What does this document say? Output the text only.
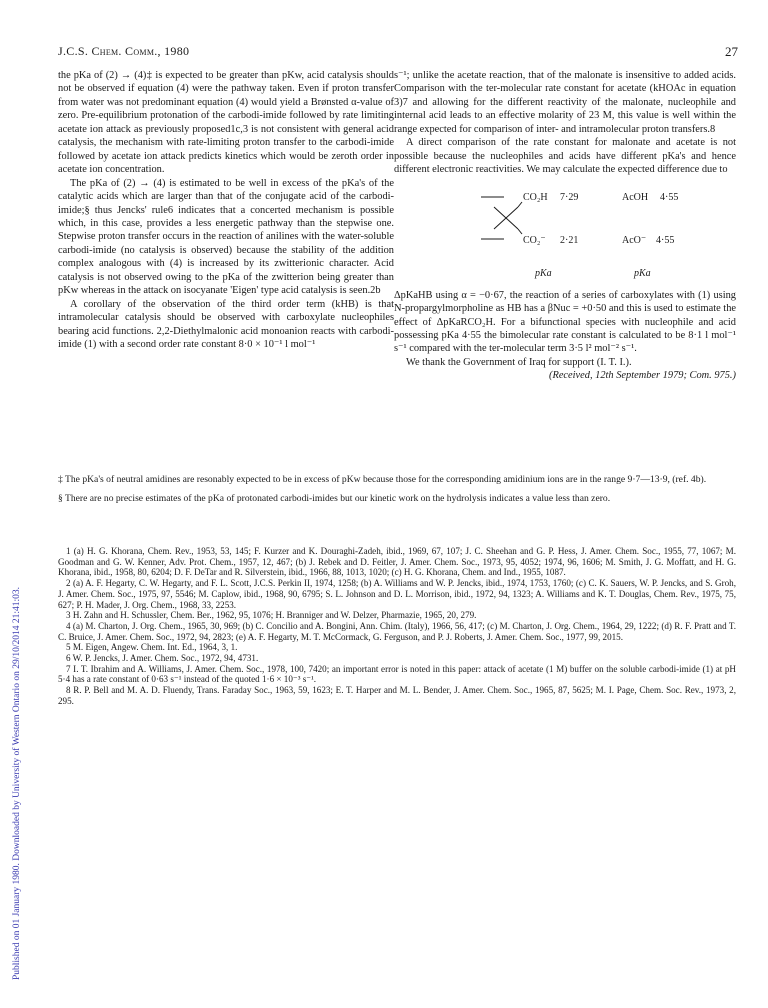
Published on 01 January 1980. Downloaded by University of Western Ontario on 29/10/2014 21:41:03.
J.C.S. Chem. Comm., 1980	27

the pKa of (2) → (4)‡ is expected to be greater than pKw, acid catalysis should not be observed if equation (4) were the pathway taken. Even if proton transfer from water was not predominant equation (4) would yield a Brønsted α-value of zero. Pre-equilibrium protonation of the carbodi-imide followed by rate limiting acetate ion attack as previously proposed1c,3 is not consistent with general acid catalysis, the mechanism with rate-limiting proton transfer to the carbodi-imide followed by acetate ion attack predicts kinetics which would be zeroth order in acetate ion concentration.

The pKa of (2) → (4) is estimated to be well in excess of the pKa's of the catalytic acids which are larger than that of the conjugate acid of the carbodi-imide;§ thus Jencks' rule6 indicates that a concerted mechanism is possible which, in this case, provides a less energetic pathway than the stepwise one. Stepwise proton transfer occurs in the reaction of anilines with the water-soluble carbodi-imide (no catalysis is observed) because the stability of the addition complex analogous with (4) is increased by its zwitterionic character. Acid catalysis is not observed owing to the pKa of the zwitterion being greater than pKw whereas in the attack on isocyanate 'Eigen' type acid catalysis is seen.2b

A corollary of the observation of the third order term (kHB) is that intramolecular catalysis should be observed with carboxylate nucleophiles bearing acid functions. 2,2-Diethylmalonic acid monoanion reacts with carbodi-imide (1) with a second order rate constant 8·0 × 10⁻¹ l mol⁻¹

s⁻¹; unlike the acetate reaction, that of the malonate is insensitive to added acids. Comparison with the ter-molecular rate constant for acetate (kHOAc in equation 3)7 and allowing for the different reactivity of the malonate, nucleophile and internal acid leads to an effective molarity of 23 M, this value is well within the range expected for comparison of inter- and intramolecular proton transfers.8

A direct comparison of the rate constant for malonate and acetate is not possible because the nucleophiles and acids have different pKa's and hence different electronic reactivities. We may calculate the expected difference due to

CO₂H 7·29
CO₂⁻ 2·21
AcOH 4·55
AcO⁻ 4·55
pKa	pKa

ΔpKaHB using α = −0·67, the reaction of a series of carboxylates with (1) using N-propargylmorpholine as HB has a βNuc = +0·50 and this is used to estimate the effect of ΔpKaRCO₂H. For a bifunctional species with nucleophile and acid possessing pKa 4·55 the bimolecular rate constant is calculated to be 8·1 l mol⁻¹ s⁻¹ compared with the ter-molecular term 3·5 l² mol⁻² s⁻¹.

We thank the Government of Iraq for support (I. T. I.).

(Received, 12th September 1979; Com. 975.)

‡ The pKa's of neutral amidines are resonably expected to be in excess of pKw because those for the corresponding amidinium ions are in the range 9·7—13·9, (ref. 4b).

§ There are no precise estimates of the pKa of protonated carbodi-imides but our kinetic work on the hydrolysis indicates a value less than zero.

1 (a) H. G. Khorana, Chem. Rev., 1953, 53, 145; F. Kurzer and K. Douraghi-Zadeh, ibid., 1969, 67, 107; J. C. Sheehan and G. P. Hess, J. Amer. Chem. Soc., 1955, 77, 1067; M. Goodman and G. W. Kenner, Adv. Prot. Chem., 1957, 12, 467; (b) J. Rebek and D. Feitler, J. Amer. Chem. Soc., 1973, 95, 4052; 1974, 96, 1606; M. Smith, J. G. Moffatt, and H. G. Khorana, ibid., 1958, 80, 6204; D. F. DeTar and R. Silverstein, ibid., 1966, 88, 1013, 1020; (c) H. G. Khorana, Chem. and Ind., 1955, 1087.

2 (a) A. F. Hegarty, C. W. Hegarty, and F. L. Scott, J.C.S. Perkin II, 1974, 1258; (b) A. Williams and W. P. Jencks, ibid., 1974, 1753, 1760; (c) C. K. Sauers, W. P. Jencks, and S. Groh, J. Amer. Chem. Soc., 1975, 97, 5546; M. Caplow, ibid., 1968, 90, 6795; S. L. Johnson and D. L. Morrison, ibid., 1972, 94, 1323; A. Williams and K. T. Douglas, Chem. Rev., 1975, 75, 627; P. H. Mader, J. Org. Chem., 1968, 33, 2253.

3 H. Zahn and H. Schussler, Chem. Ber., 1962, 95, 1076; H. Branniger and W. Delzer, Pharmazie, 1965, 20, 279.

4 (a) M. Charton, J. Org. Chem., 1965, 30, 969; (b) C. Concilio and A. Bongini, Ann. Chim. (Italy), 1966, 56, 417; (c) M. Charton, J. Org. Chem., 1964, 29, 1222; (d) R. F. Pratt and T. C. Bruice, J. Amer. Chem. Soc., 1972, 94, 2823; (e) A. F. Hegarty, M. T. McCormack, G. Ferguson, and P. J. Roberts, J. Amer. Chem. Soc., 1977, 99, 2015.

5 M. Eigen, Angew. Chem. Int. Ed., 1964, 3, 1.

6 W. P. Jencks, J. Amer. Chem. Soc., 1972, 94, 4731.

7 I. T. Ibrahim and A. Williams, J. Amer. Chem. Soc., 1978, 100, 7420; an important error is noted in this paper: attack of acetate (1 M) buffer on the soluble carbodi-imide (1) at pH 5·4 has a rate constant of 0·63 s⁻¹ instead of the quoted 1·6 × 10⁻³ s⁻¹.

8 R. P. Bell and M. A. D. Fluendy, Trans. Faraday Soc., 1963, 59, 1623; E. T. Harper and M. L. Bender, J. Amer. Chem. Soc., 1965, 87, 5625; M. I. Page, Chem. Soc. Rev., 1973, 2, 295.
